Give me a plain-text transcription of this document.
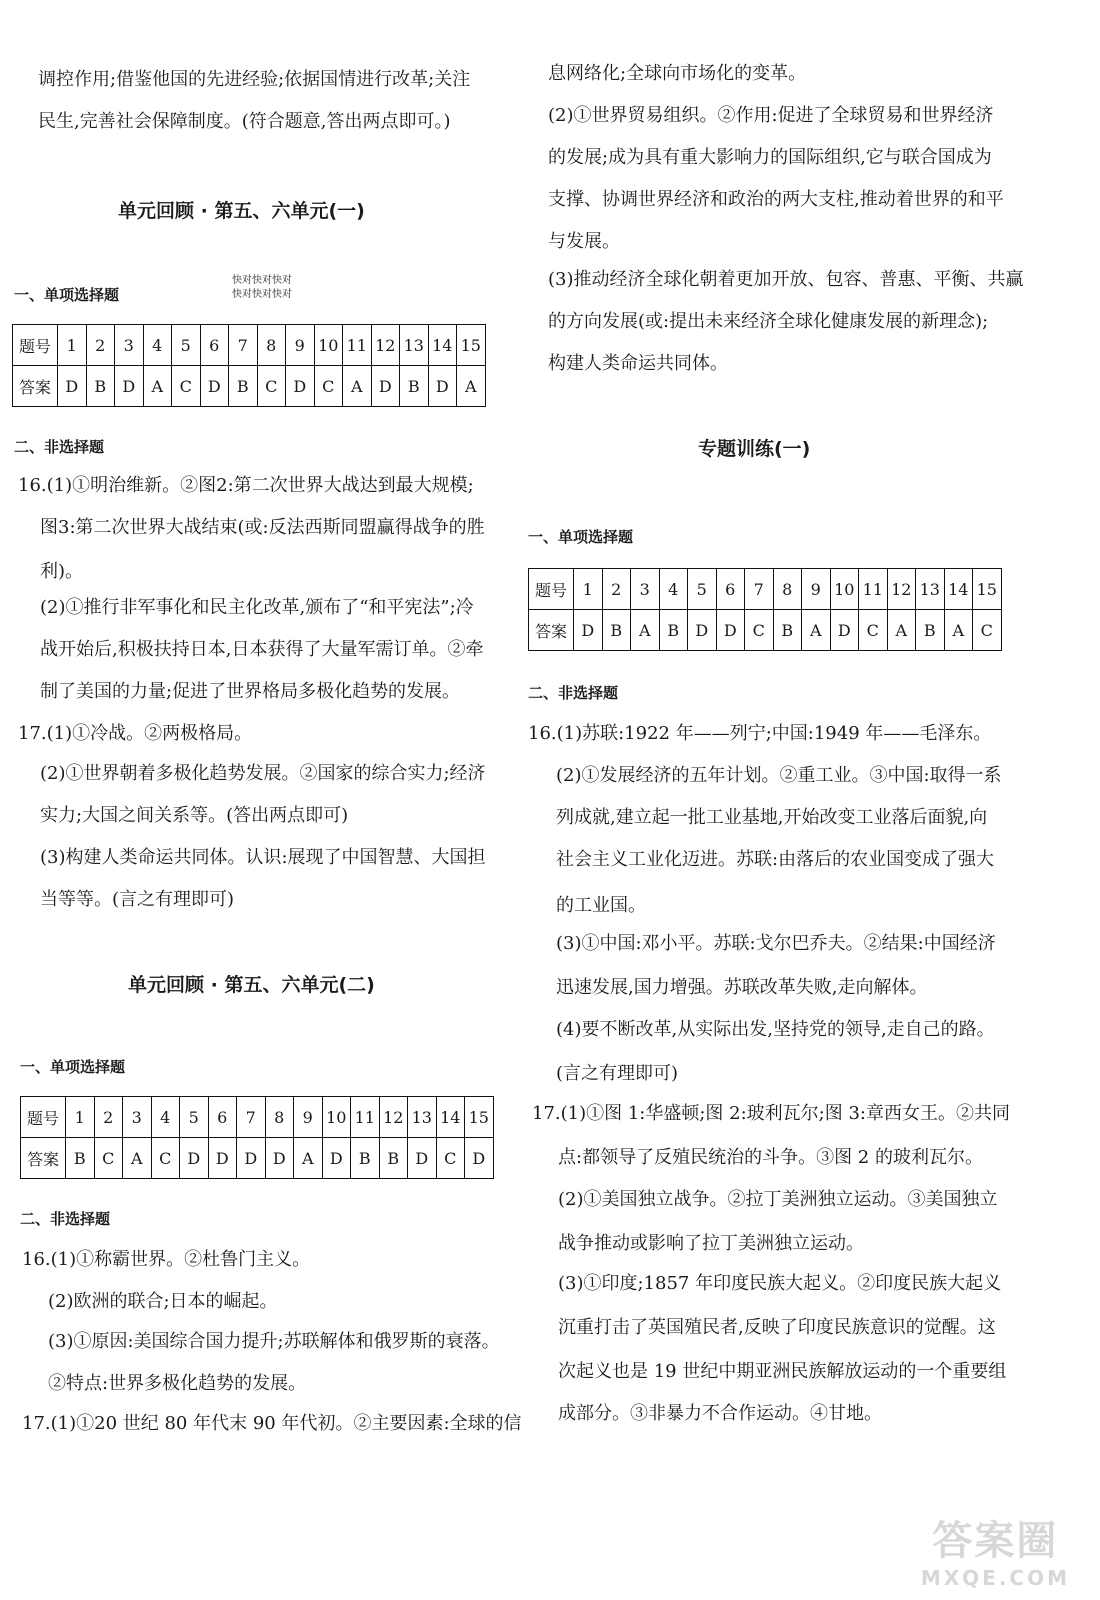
调控作用;借鉴他国的先进经验;依据国情进行改革;关注
民生,完善社会保障制度。(符合题意,答出两点即可。)
单元回顾 · 第五、六单元(一)
一、单项选择题
快对快对快对
快对快对快对
题号	1	2	3	4	5	6	7	8	9	10	11	12	13	14	15
答案	D	B	D	A	C	D	B	C	D	C	A	D	B	D	A
二、非选择题
16.(1)①明治维新。②图2:第二次世界大战达到最大规模;
图3:第二次世界大战结束(或:反法西斯同盟赢得战争的胜
利)。
(2)①推行非军事化和民主化改革,颁布了“和平宪法”;冷
战开始后,积极扶持日本,日本获得了大量军需订单。②牵
制了美国的力量;促进了世界格局多极化趋势的发展。
17.(1)①冷战。②两极格局。
(2)①世界朝着多极化趋势发展。②国家的综合实力;经济
实力;大国之间关系等。(答出两点即可)
(3)构建人类命运共同体。认识:展现了中国智慧、大国担
当等等。(言之有理即可)
单元回顾 · 第五、六单元(二)
一、单项选择题
题号	1	2	3	4	5	6	7	8	9	10	11	12	13	14	15
答案	B	C	A	C	D	D	D	D	A	D	B	B	D	C	D
二、非选择题
16.(1)①称霸世界。②杜鲁门主义。
(2)欧洲的联合;日本的崛起。
(3)①原因:美国综合国力提升;苏联解体和俄罗斯的衰落。
②特点:世界多极化趋势的发展。
17.(1)①20 世纪 80 年代末 90 年代初。②主要因素:全球的信
息网络化;全球向市场化的变革。
(2)①世界贸易组织。②作用:促进了全球贸易和世界经济
的发展;成为具有重大影响力的国际组织,它与联合国成为
支撑、协调世界经济和政治的两大支柱,推动着世界的和平
与发展。
(3)推动经济全球化朝着更加开放、包容、普惠、平衡、共赢
的方向发展(或:提出未来经济全球化健康发展的新理念);
构建人类命运共同体。
专题训练(一)
一、单项选择题
题号	1	2	3	4	5	6	7	8	9	10	11	12	13	14	15
答案	D	B	A	B	D	D	C	B	A	D	C	A	B	A	C
二、非选择题
16.(1)苏联:1922 年——列宁;中国:1949 年——毛泽东。
(2)①发展经济的五年计划。②重工业。③中国:取得一系
列成就,建立起一批工业基地,开始改变工业落后面貌,向
社会主义工业化迈进。苏联:由落后的农业国变成了强大
的工业国。
(3)①中国:邓小平。苏联:戈尔巴乔夫。②结果:中国经济
迅速发展,国力增强。苏联改革失败,走向解体。
(4)要不断改革,从实际出发,坚持党的领导,走自己的路。
(言之有理即可)
17.(1)①图 1:华盛顿;图 2:玻利瓦尔;图 3:章西女王。②共同
点:都领导了反殖民统治的斗争。③图 2 的玻利瓦尔。
(2)①美国独立战争。②拉丁美洲独立运动。③美国独立
战争推动或影响了拉丁美洲独立运动。
(3)①印度;1857 年印度民族大起义。②印度民族大起义
沉重打击了英国殖民者,反映了印度民族意识的觉醒。这
次起义也是 19 世纪中期亚洲民族解放运动的一个重要组
成部分。③非暴力不合作运动。④甘地。
答案圈
MXQE.COM
